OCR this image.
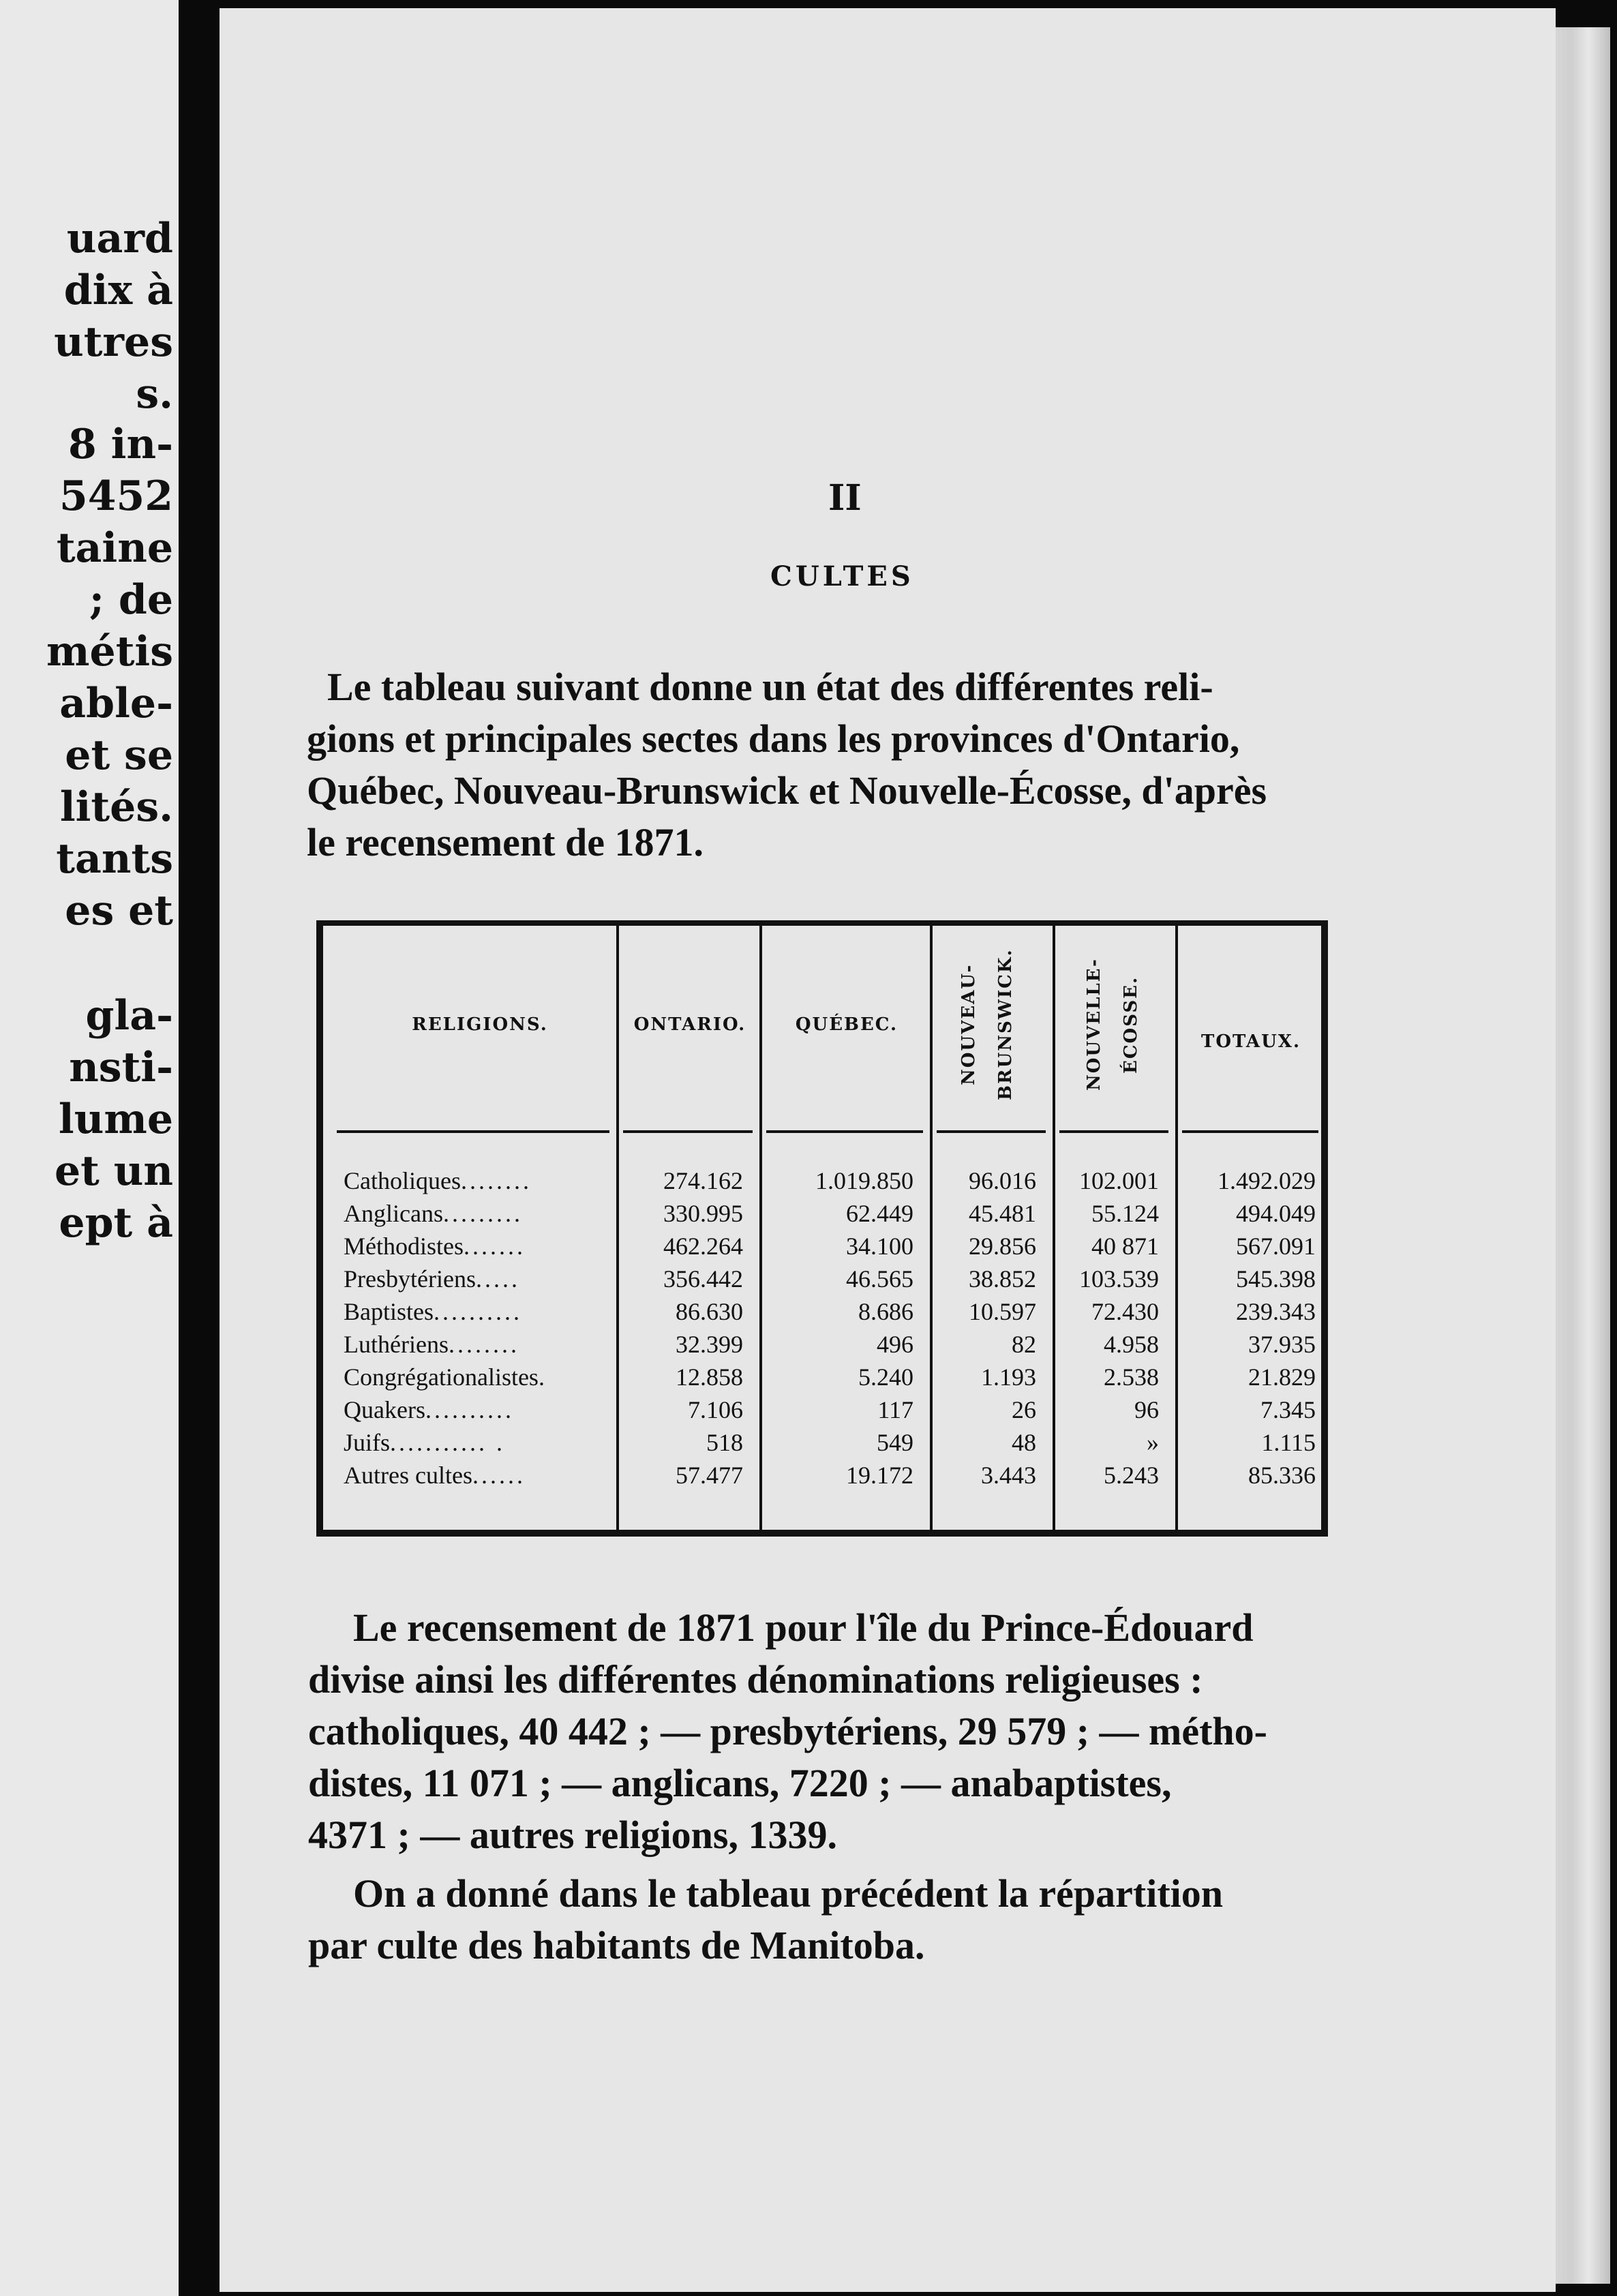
uard
dix à
utres
s.
8 in-
5452
taine
; de
métis
able-
et se
lités.
tants
es et
gla-
nsti-
lume
et un
ept à
II
CULTES
Le tableau suivant donne un état des différentes reli-
gions et principales sectes dans les provinces d'Ontario,
Québec, Nouveau-Brunswick et Nouvelle-Écosse, d'après
le recensement de 1871.
RELIGIONS.	ONTARIO.	QUÉBEC.	NOUVEAU- BRUNSWICK.	NOUVELLE- ÉCOSSE.	TOTAUX.
Catholiques........	274.162	1.019.850	96.016	102.001	1.492.029
Anglicans.........	330.995	62.449	45.481	55.124	494.049
Méthodistes.......	462.264	34.100	29.856	40 871	567.091
Presbytériens.....	356.442	46.565	38.852	103.539	545.398
Baptistes..........	86.630	8.686	10.597	72.430	239.343
Luthériens........	32.399	496	82	4.958	37.935
Congrégationalistes.	12.858	5.240	1.193	2.538	21.829
Quakers..........	7.106	117	26	96	7.345
Juifs........... .	518	549	48	»	1.115
Autres cultes......	57.477	19.172	3.443	5.243	85.336
Le recensement de 1871 pour l'île du Prince-Édouard
divise ainsi les différentes dénominations religieuses :
catholiques, 40 442 ; — presbytériens, 29 579 ; — métho-
distes, 11 071 ; — anglicans, 7220 ; — anabaptistes,
4371 ; — autres religions, 1339.
On a donné dans le tableau précédent la répartition
par culte des habitants de Manitoba.
